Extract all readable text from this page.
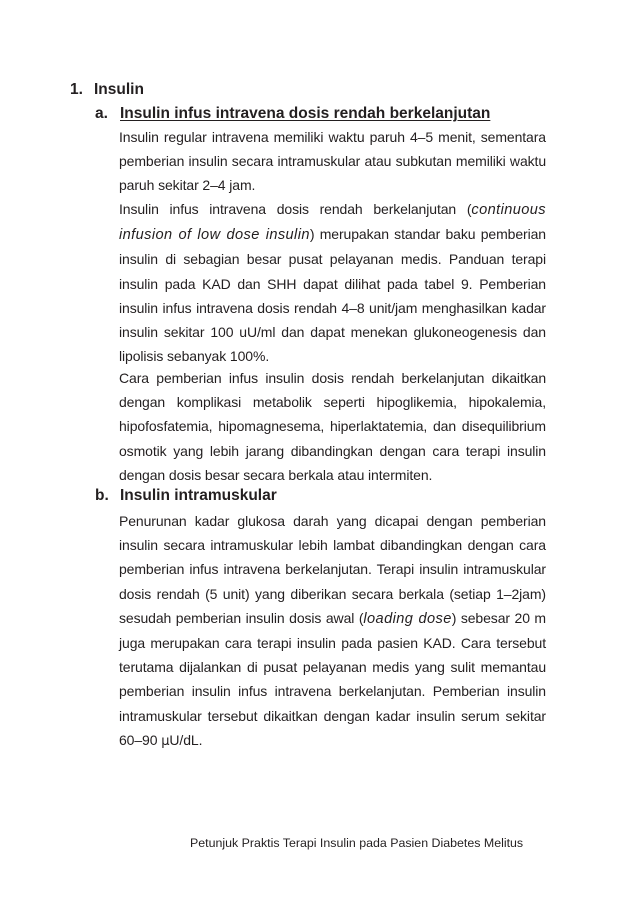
1. Insulin
a. Insulin infus intravena dosis rendah berkelanjutan

Insulin regular intravena memiliki waktu paruh 4–5 menit, sementara pemberian insulin secara intramuskular atau subkutan memiliki waktu paruh sekitar 2–4 jam.

Insulin infus intravena dosis rendah berkelanjutan (continuous infusion of low dose insulin) merupakan standar baku pemberian insulin di sebagian besar pusat pelayanan medis. Panduan terapi insulin pada KAD dan SHH dapat dilihat pada tabel 9. Pemberian insulin infus intravena dosis rendah 4–8 unit/jam menghasilkan kadar insulin sekitar 100 uU/ml dan dapat menekan glukoneogenesis dan lipolisis sebanyak 100%.

Cara pemberian infus insulin dosis rendah berkelanjutan dikaitkan dengan komplikasi metabolik seperti hipoglikemia, hipokalemia, hipofosfatemia, hipomagnesema, hiperlaktatemia, dan disequilibrium osmotik yang lebih jarang dibandingkan dengan cara terapi insulin dengan dosis besar secara berkala atau intermiten.

b. Insulin intramuskular

Penurunan kadar glukosa darah yang dicapai dengan pemberian insulin secara intramuskular lebih lambat dibandingkan dengan cara pemberian infus intravena berkelanjutan. Terapi insulin intramuskular dosis rendah (5 unit) yang diberikan secara berkala (setiap 1–2jam) sesudah pemberian insulin dosis awal (loading dose) sebesar 20 m juga merupakan cara terapi insulin pada pasien KAD. Cara tersebut terutama dijalankan di pusat pelayanan medis yang sulit memantau pemberian insulin infus intravena berkelanjutan. Pemberian insulin intramuskular tersebut dikaitkan dengan kadar insulin serum sekitar 60–90 μU/dL.

Petunjuk Praktis Terapi Insulin pada Pasien Diabetes Melitus
